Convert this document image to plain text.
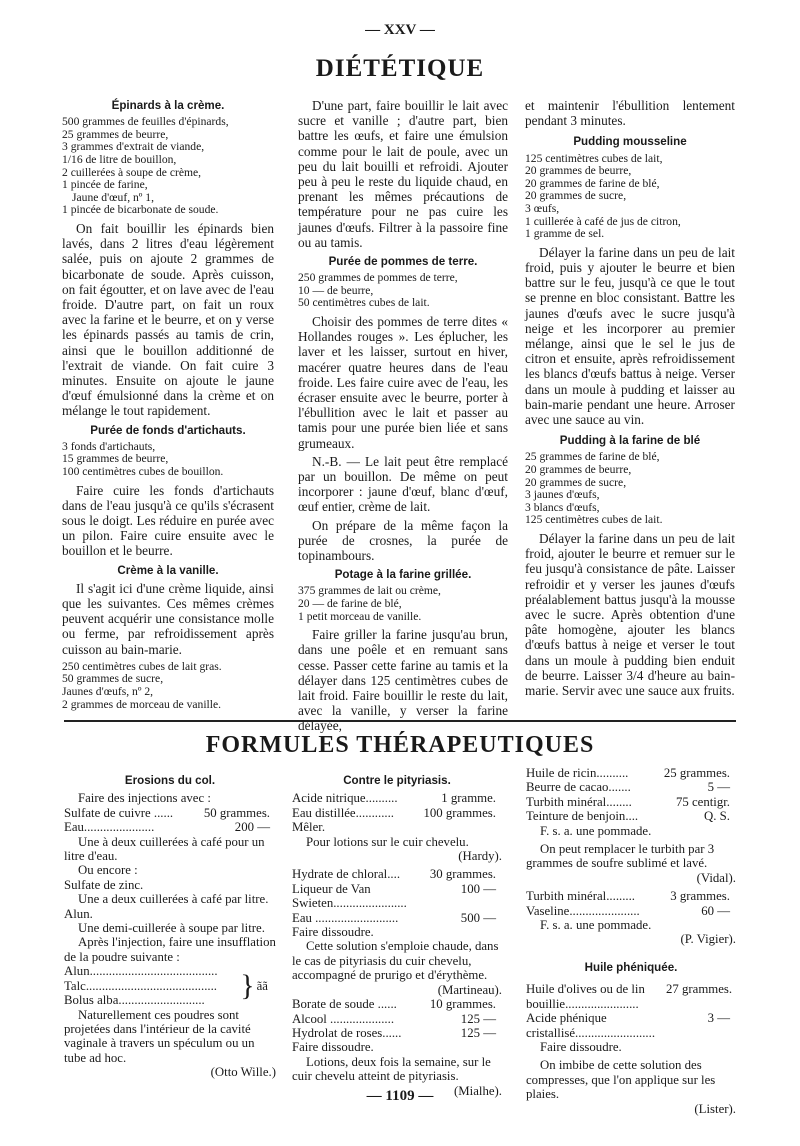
— XXV —
DIÉTÉTIQUE
Épinards à la crème.
500 grammes de feuilles d'épinards,
25 grammes de beurre,
3 grammes d'extrait de viande,
1/16 de litre de bouillon,
2 cuillerées à soupe de crème,
1 pincée de farine,
Jaune d'œuf, nº 1,
1 pincée de bicarbonate de soude.

On fait bouillir les épinards bien lavés, dans 2 litres d'eau légèrement salée, puis on ajoute 2 grammes de bicarbonate de soude. Après cuisson, on fait égoutter, et on lave avec de l'eau froide. D'autre part, on fait un roux avec la farine et le beurre, et on y verse les épinards passés au tamis de crin, ainsi que le bouillon additionné de l'extrait de viande. On fait cuire 3 minutes. Ensuite on ajoute le jaune d'œuf émulsionné dans la crème et on mélange le tout rapidement.

Purée de fonds d'artichauts.
3 fonds d'artichauts,
15 grammes de beurre,
100 centimètres cubes de bouillon.

Faire cuire les fonds d'artichauts dans de l'eau jusqu'à ce qu'ils s'écrasent sous le doigt. Les réduire en purée avec un pilon. Faire cuire ensuite avec le bouillon et le beurre.

Crème à la vanille.

Il s'agit ici d'une crème liquide, ainsi que les suivantes. Ces mêmes crèmes peuvent acquérir une consistance molle ou ferme, par refroidissement après cuisson au bain-marie.

250 centimètres cubes de lait gras.
50 grammes de sucre,
Jaunes d'œufs, nº 2,
2 grammes de morceau de vanille.

D'une part, faire bouillir le lait avec sucre et vanille ; d'autre part, bien battre les œufs, et faire une émulsion comme pour le lait de poule, avec un peu du lait bouilli et refroidi. Ajouter peu à peu le reste du liquide chaud, en prenant les mêmes précautions de température pour ne pas cuire les jaunes d'œufs. Filtrer à la passoire fine ou au tamis.

Purée de pommes de terre.
250 grammes de pommes de terre,
10 — de beurre,
50 centimètres cubes de lait.

Choisir des pommes de terre dites « Hollandes rouges ». Les éplucher, les laver et les laisser, surtout en hiver, macérer quatre heures dans de l'eau froide. Les faire cuire avec de l'eau, les écraser ensuite avec le beurre, porter à l'ébullition avec le lait et passer au tamis pour une purée bien liée et sans grumeaux.

N.-B. — Le lait peut être remplacé par un bouillon. De même on peut incorporer : jaune d'œuf, blanc d'œuf, œuf entier, crème de lait.

On prépare de la même façon la purée de crosnes, la purée de topinambours.

Potage à la farine grillée.
375 grammes de lait ou crème,
20 — de farine de blé,
1 petit morceau de vanille.

Faire griller la farine jusqu'au brun, dans une poêle et en remuant sans cesse. Passer cette farine au tamis et la délayer dans 125 centimètres cubes de lait froid. Faire bouillir le reste du lait, avec la vanille, y verser la farine délayée,

et maintenir l'ébullition lentement pendant 3 minutes.

Pudding mousseline
125 centimètres cubes de lait,
20 grammes de beurre,
20 grammes de farine de blé,
20 grammes de sucre,
3 œufs,
1 cuillerée à café de jus de citron,
1 gramme de sel.

Délayer la farine dans un peu de lait froid, puis y ajouter le beurre et bien battre sur le feu, jusqu'à ce que le tout se prenne en bloc consistant. Battre les jaunes d'œufs avec le sucre jusqu'à neige et les incorporer au premier mélange, ainsi que le sel le jus de citron et ensuite, après refroidissement les blancs d'œufs battus à neige. Verser dans un moule à pudding et laisser au bain-marie pendant une heure. Arroser avec une sauce au vin.

Pudding à la farine de blé
25 grammes de farine de blé,
20 grammes de beurre,
20 grammes de sucre,
3 jaunes d'œufs,
3 blancs d'œufs,
125 centimètres cubes de lait.

Délayer la farine dans un peu de lait froid, ajouter le beurre et remuer sur le feu jusqu'à consistance de pâte. Laisser refroidir et y verser les jaunes d'œufs préalablement battus jusqu'à la mousse avec le sucre. Après obtention d'une pâte homogène, ajouter les blancs d'œufs battus à neige et verser le tout dans un moule à pudding bien enduit de beurre. Laisser 3/4 d'heure au bain-marie. Servir avec une sauce aux fruits.

FORMULES THÉRAPEUTIQUES
Erosions du col.

Faire des injections avec :

Sulfate de cuivre ......	50 grammes.
Eau......................	200 —

Une à deux cuillerées à café pour un litre d'eau.

Ou encore :

Sulfate de zinc.

Une a deux cuillerées à café par litre.

Alun.

Une demi-cuillerée à soupe par litre.

Après l'injection, faire une insufflation de la poudre suivante :

Alun........................................
Talc.........................................
Bolus alba...........................	} ãã

Naturellement ces poudres sont projetées dans l'intérieur de la cavité vaginale à travers un spéculum ou un tube ad hoc.

(Otto Wille.)
Contre le pityriasis.
Acide nitrique..........	1 gramme.
Eau distillée............	100 grammes.

Mêler.

Pour lotions sur le cuir chevelu.

(Hardy).
Hydrate de chloral....	30 grammes.
Liqueur de Van Swieten.......................
100 —
Eau ..........................	500 —

Faire dissoudre.

Cette solution s'emploie chaude, dans le cas de pityriasis du cuir chevelu, accompagné de prurigo et d'érythème.

(Martineau).
Borate de soude ......	10 grammes.
Alcool ....................	125 —
Hydrolat de roses......	125 —

Faire dissoudre.

Lotions, deux fois la semaine, sur le cuir chevelu atteint de pityriasis.

(Mialhe).
Huile de ricin..........	25 grammes.
Beurre de cacao.......	5 —
Turbith minéral........	75 centigr.
Teinture de benjoin....	Q. S.

F. s. a. une pommade.

On peut remplacer le turbith par 3 grammes de soufre sublimé et lavé.

(Vidal).
Turbith minéral.........	3 grammes.
Vaseline......................	60 —

F. s. a. une pommade.

(P. Vigier).
Huile phéniquée.
Huile d'olives ou de lin bouillie.......................
27 grammes.
Acide phénique cristallisé.........................
3 —

Faire dissoudre.

On imbibe de cette solution des compresses, que l'on applique sur les plaies.

(Lister).
— 1109 —
